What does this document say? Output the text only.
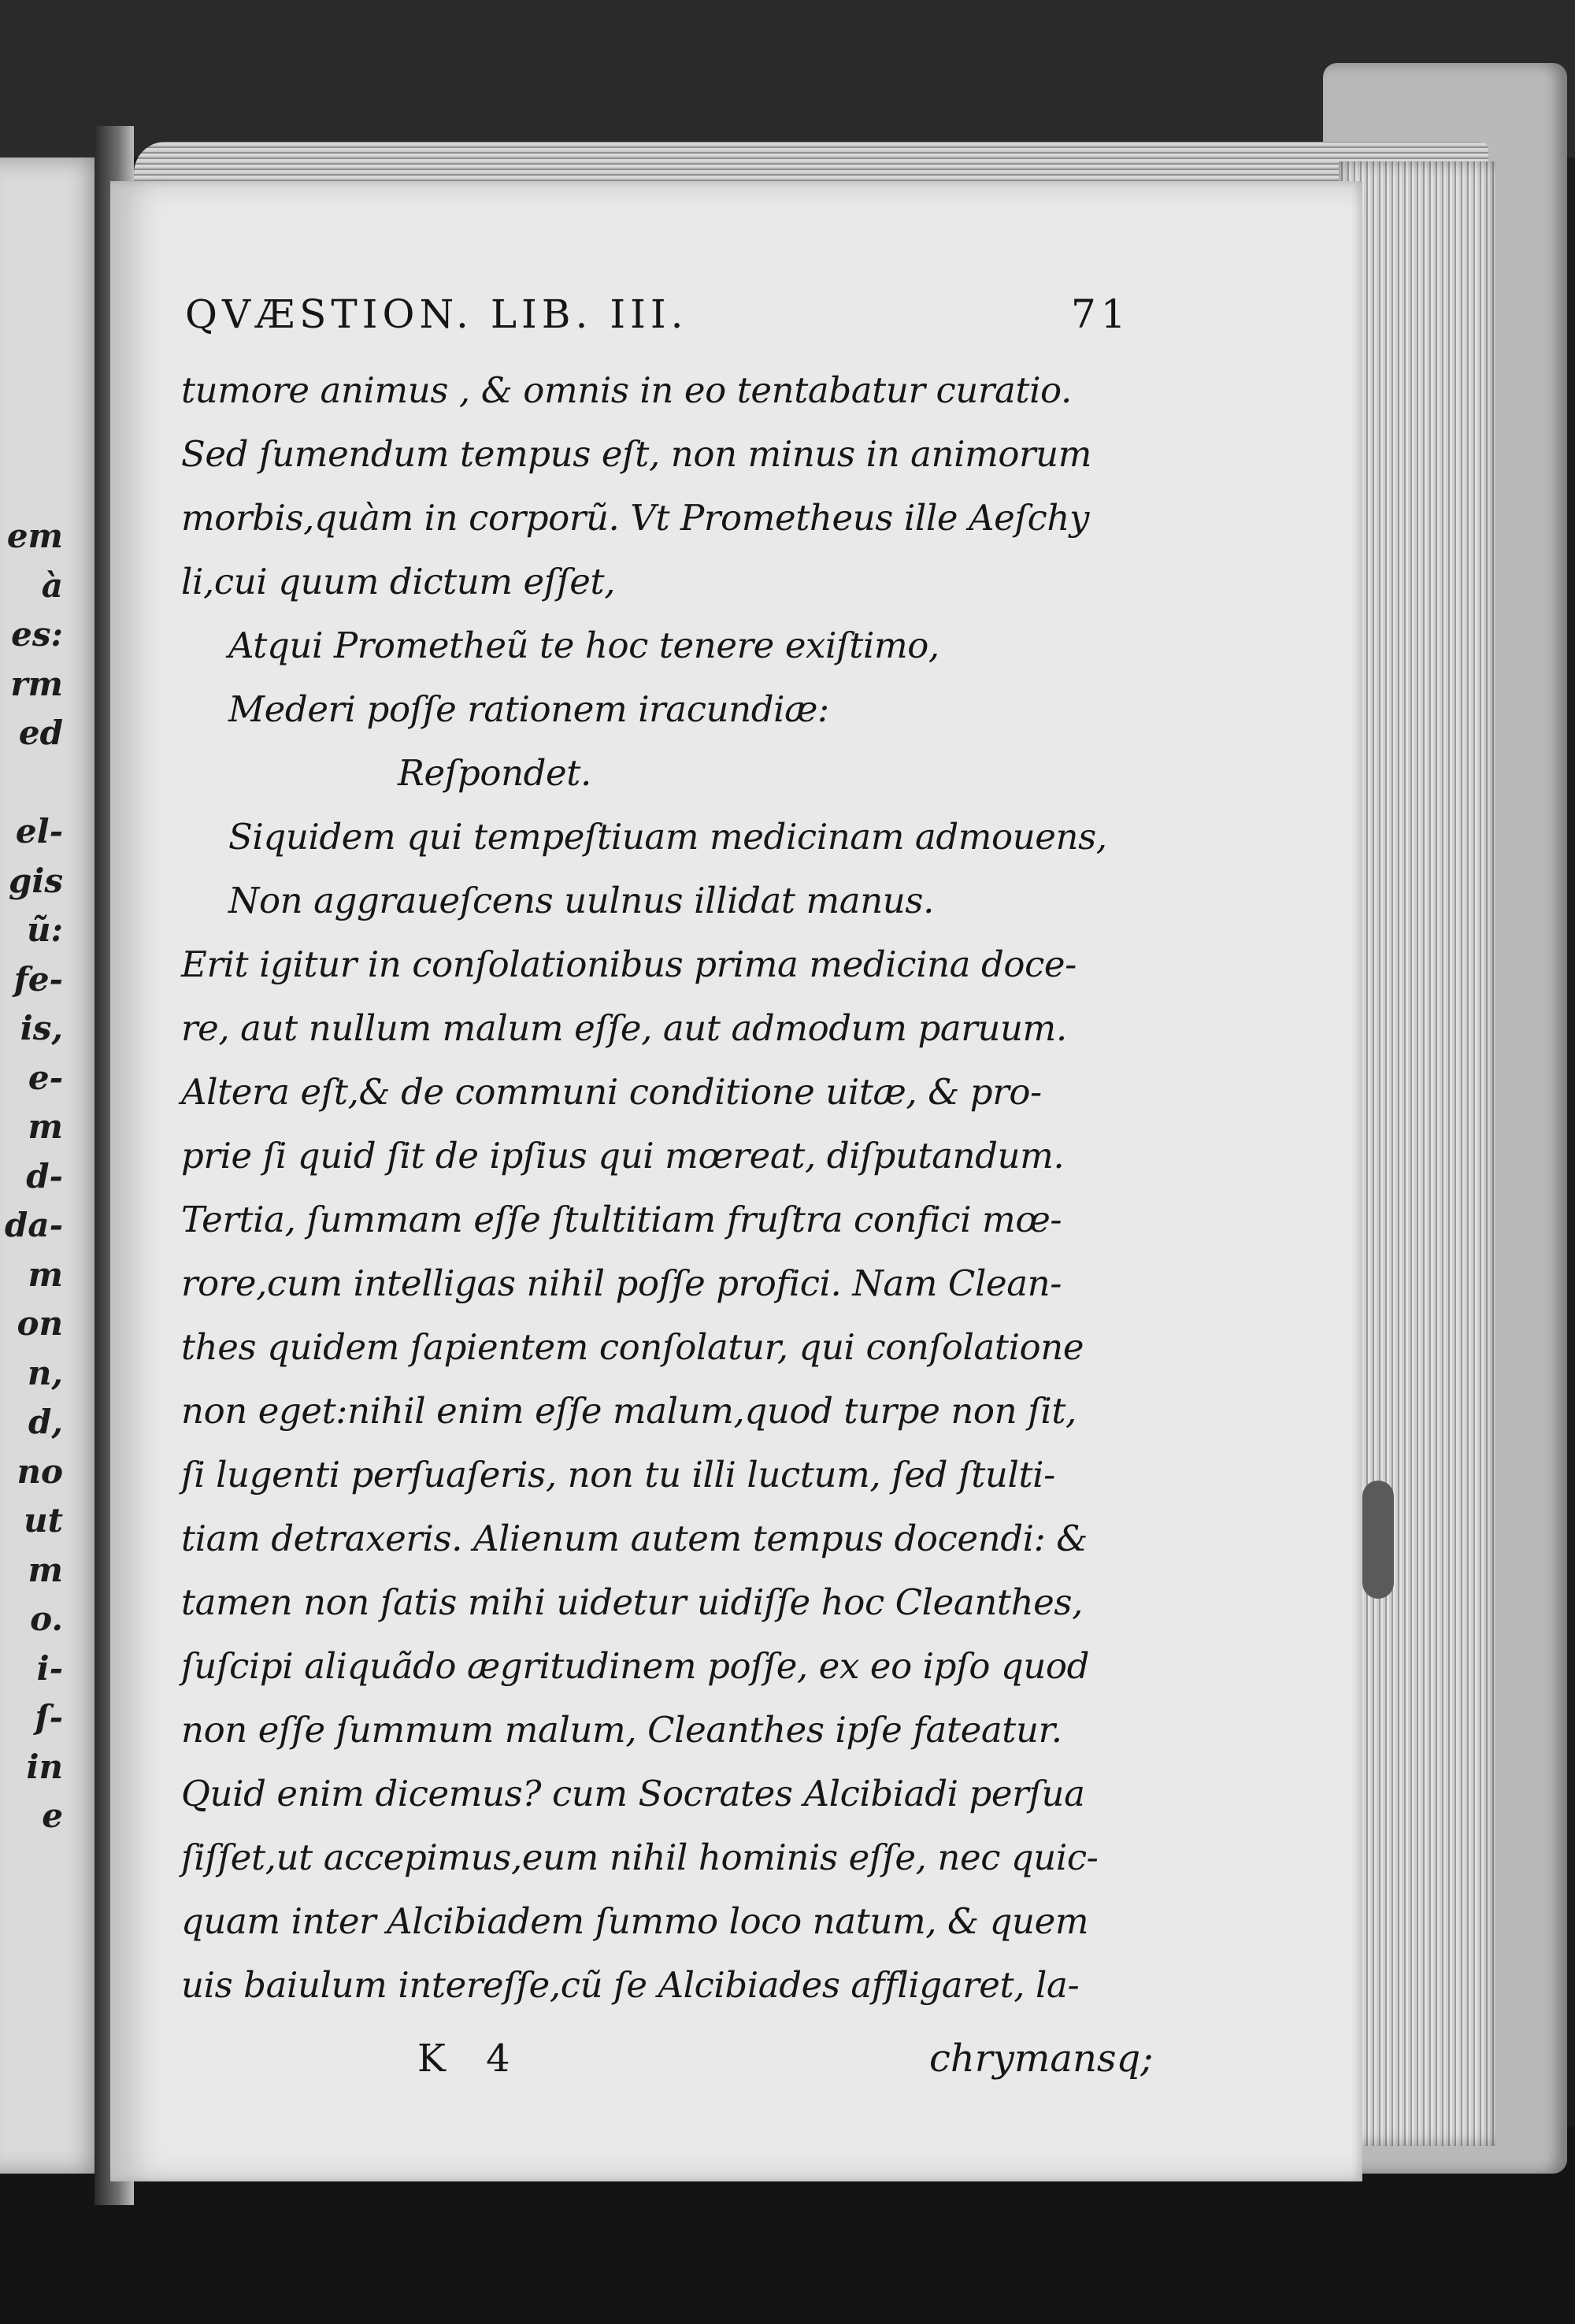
em
à
es:
rm
ed
el-
gis
ũ:
fe-
is,
e-
m
d-
da-
m
on
n,
d,
no
ut
m
o.
i-
ſ-
in
e
QVÆSTION. LIB. III.	71
tumore animus , & omnis in eo tentabatur curatio.
Sed ſumendum tempus eſt, non minus in animorum
morbis,quàm in corporũ. Vt Prometheus ille Aeſchy
li,cui quum dictum eſſet,
Atqui Prometheũ te hoc tenere exiſtimo,
Mederi poſſe rationem iracundiæ:
Reſpondet.
Siquidem qui tempeſtiuam medicinam admouens,
Non aggraueſcens uulnus illidat manus.
Erit igitur in conſolationibus prima medicina doce-
re, aut nullum malum eſſe, aut admodum paruum.
Altera eſt,& de communi conditione uitæ, & pro-
prie ſi quid ſit de ipſius qui mœreat, diſputandum.
Tertia, ſummam eſſe ſtultitiam fruſtra confici mœ-
rore,cum intelligas nihil poſſe profici. Nam Clean-
thes quidem ſapientem conſolatur, qui conſolatione
non eget:nihil enim eſſe malum,quod turpe non ſit,
ſi lugenti perſuaſeris, non tu illi luctum, ſed ſtulti-
tiam detraxeris. Alienum autem tempus docendi: &
tamen non ſatis mihi uidetur uidiſſe hoc Cleanthes,
ſuſcipi aliquãdo ægritudinem poſſe, ex eo ipſo quod
non eſſe ſummum malum, Cleanthes ipſe fateatur.
Quid enim dicemus? cum Socrates Alcibiadi perſua
ſiſſet,ut accepimus,eum nihil hominis eſſe, nec quic-
quam inter Alcibiadem ſummo loco natum, & quem
uis baiulum intereſſe,cũ ſe Alcibiades affligaret, la-
K 4	chrymansq;
